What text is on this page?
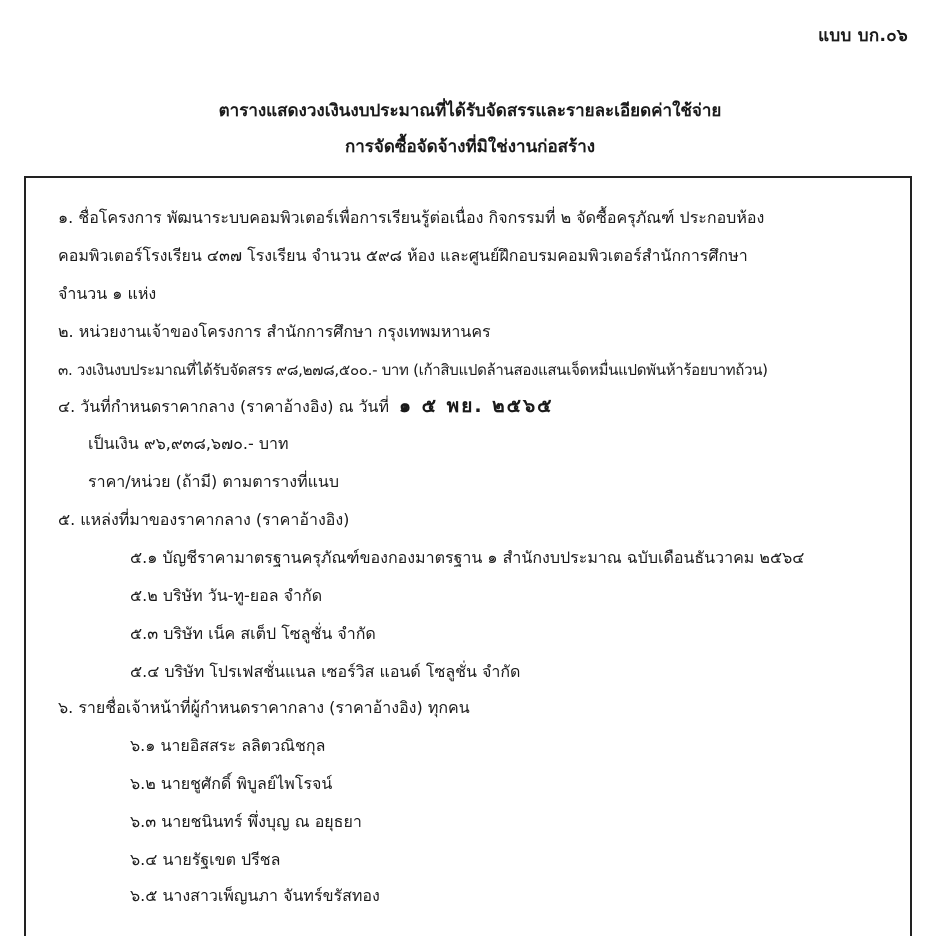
แบบ บก.๐๖
ตารางแสดงวงเงินงบประมาณที่ได้รับจัดสรรและรายละเอียดค่าใช้จ่าย
การจัดซื้อจัดจ้างที่มิใช่งานก่อสร้าง
๑. ชื่อโครงการ พัฒนาระบบคอมพิวเตอร์เพื่อการเรียนรู้ต่อเนื่อง กิจกรรมที่ ๒ จัดซื้อครุภัณฑ์ ประกอบห้อง
คอมพิวเตอร์โรงเรียน ๔๓๗ โรงเรียน จำนวน ๕๙๘ ห้อง และศูนย์ฝึกอบรมคอมพิวเตอร์สำนักการศึกษา
จำนวน ๑ แห่ง
๒. หน่วยงานเจ้าของโครงการ สำนักการศึกษา กรุงเทพมหานคร
๓. วงเงินงบประมาณที่ได้รับจัดสรร ๙๘,๒๗๘,๕๐๐.- บาท (เก้าสิบแปดล้านสองแสนเจ็ดหมื่นแปดพันห้าร้อยบาทถ้วน)
๔. วันที่กำหนดราคากลาง (ราคาอ้างอิง) ณ วันที่ ๑ ๕ พย. ๒๕๖๕
เป็นเงิน ๙๖,๙๓๘,๖๗๐.- บาท
ราคา/หน่วย (ถ้ามี) ตามตารางที่แนบ
๕. แหล่งที่มาของราคากลาง (ราคาอ้างอิง)
๕.๑ บัญชีราคามาตรฐานครุภัณฑ์ของกองมาตรฐาน ๑ สำนักงบประมาณ ฉบับเดือนธันวาคม ๒๕๖๔
๕.๒ บริษัท วัน-ทู-ยอล จำกัด
๕.๓ บริษัท เน็ค สเต็ป โซลูชั่น จำกัด
๕.๔ บริษัท โปรเฟสชั่นแนล เซอร์วิส แอนด์ โซลูชั่น จำกัด
๖. รายชื่อเจ้าหน้าที่ผู้กำหนดราคากลาง (ราคาอ้างอิง) ทุกคน
๖.๑ นายอิสสระ ลลิตวณิชกุล
๖.๒ นายชูศักดิ์ พิบูลย์ไพโรจน์
๖.๓ นายชนินทร์ พึ่งบุญ ณ อยุธยา
๖.๔ นายรัฐเขต ปรีชล
๖.๕ นางสาวเพ็ญนภา จันทร์ขรัสทอง
